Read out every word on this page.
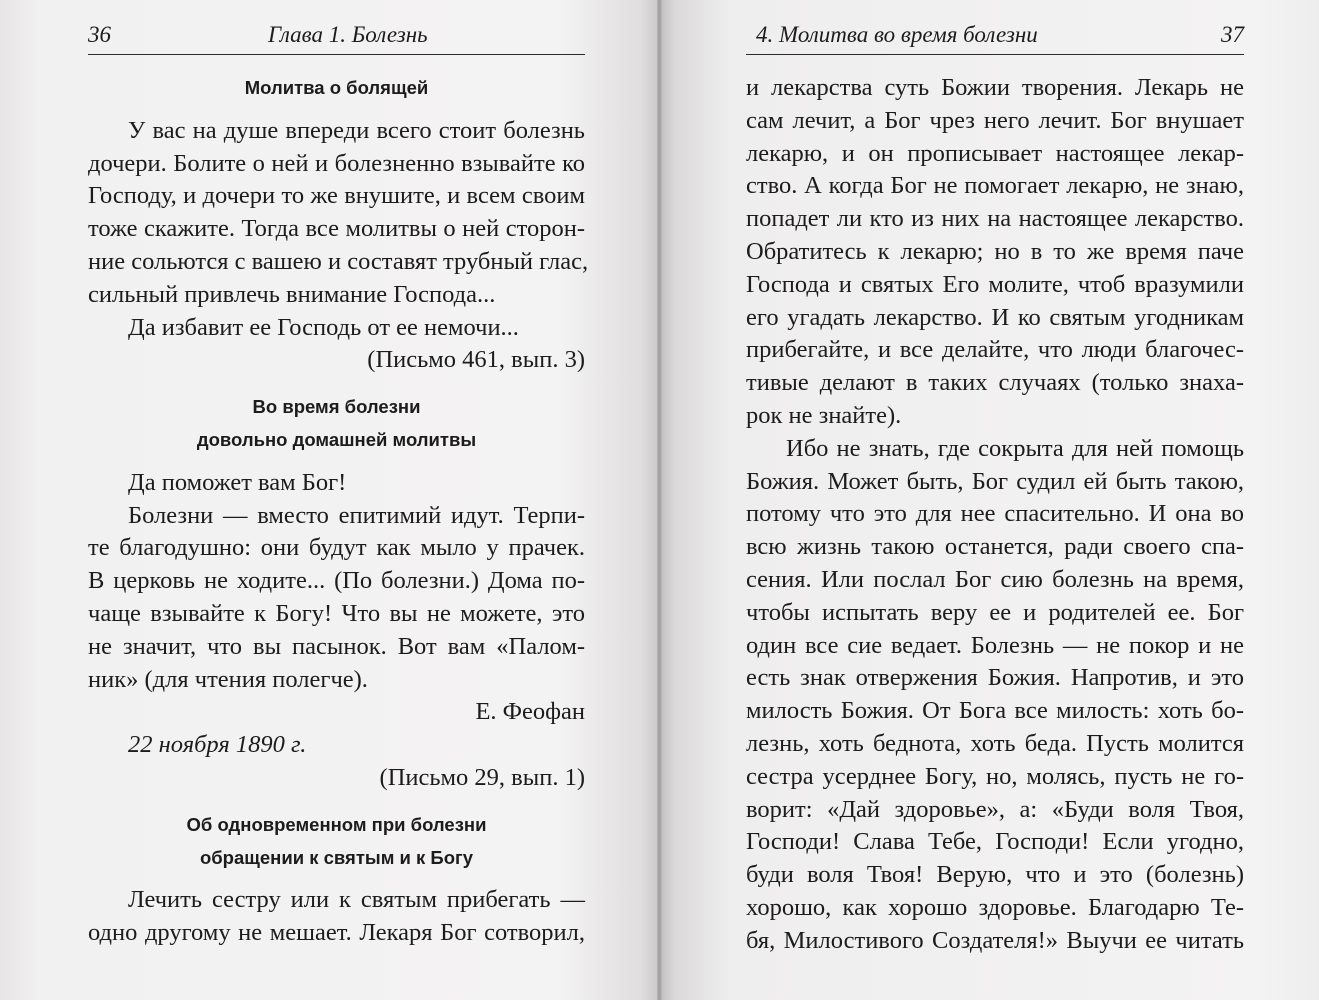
36	Глава 1. Болезнь
Молитва о болящей
У вас на душе впереди всего стоит болезнь
дочери. Болите о ней и болезненно взывайте ко
Господу, и дочери то же внушите, и всем своим
тоже скажите. Тогда все молитвы о ней сторон-
ние сольются с вашею и составят трубный глас,
сильный привлечь внимание Господа...
Да избавит ее Господь от ее немочи...
(Письмо 461, вып. 3)
Во время болезни
довольно домашней молитвы
Да поможет вам Бог!
Болезни — вместо епитимий идут. Терпи-
те благодушно: они будут как мыло у прачек.
В церковь не ходите... (По болезни.) Дома по-
чаще взывайте к Богу! Что вы не можете, это
не значит, что вы пасынок. Вот вам «Палом-
ник» (для чтения полегче).
Е. Феофан
22 ноября 1890 г.
(Письмо 29, вып. 1)
Об одновременном при болезни
обращении к святым и к Богу
Лечить сестру или к святым прибегать —
одно другому не мешает. Лекаря Бог сотворил,
4. Молитва во время болезни	37
и лекарства суть Божии творения. Лекарь не
сам лечит, а Бог чрез него лечит. Бог внушает
лекарю, и он прописывает настоящее лекар-
ство. А когда Бог не помогает лекарю, не знаю,
попадет ли кто из них на настоящее лекарство.
Обратитесь к лекарю; но в то же время паче
Господа и святых Его молите, чтоб вразумили
его угадать лекарство. И ко святым угодникам
прибегайте, и все делайте, что люди благочес-
тивые делают в таких случаях (только знаха-
рок не знайте).
Ибо не знать, где сокрыта для ней помощь
Божия. Может быть, Бог судил ей быть такою,
потому что это для нее спасительно. И она во
всю жизнь такою останется, ради своего спа-
сения. Или послал Бог сию болезнь на время,
чтобы испытать веру ее и родителей ее. Бог
один все сие ведает. Болезнь — не покор и не
есть знак отвержения Божия. Напротив, и это
милость Божия. От Бога все милость: хоть бо-
лезнь, хоть беднота, хоть беда. Пусть молится
сестра усерднее Богу, но, молясь, пусть не го-
ворит: «Дай здоровье», а: «Буди воля Твоя,
Господи! Слава Тебе, Господи! Если угодно,
буди воля Твоя! Верую, что и это (болезнь)
хорошо, как хорошо здоровье. Благодарю Те-
бя, Милостивого Создателя!» Выучи ее читать
